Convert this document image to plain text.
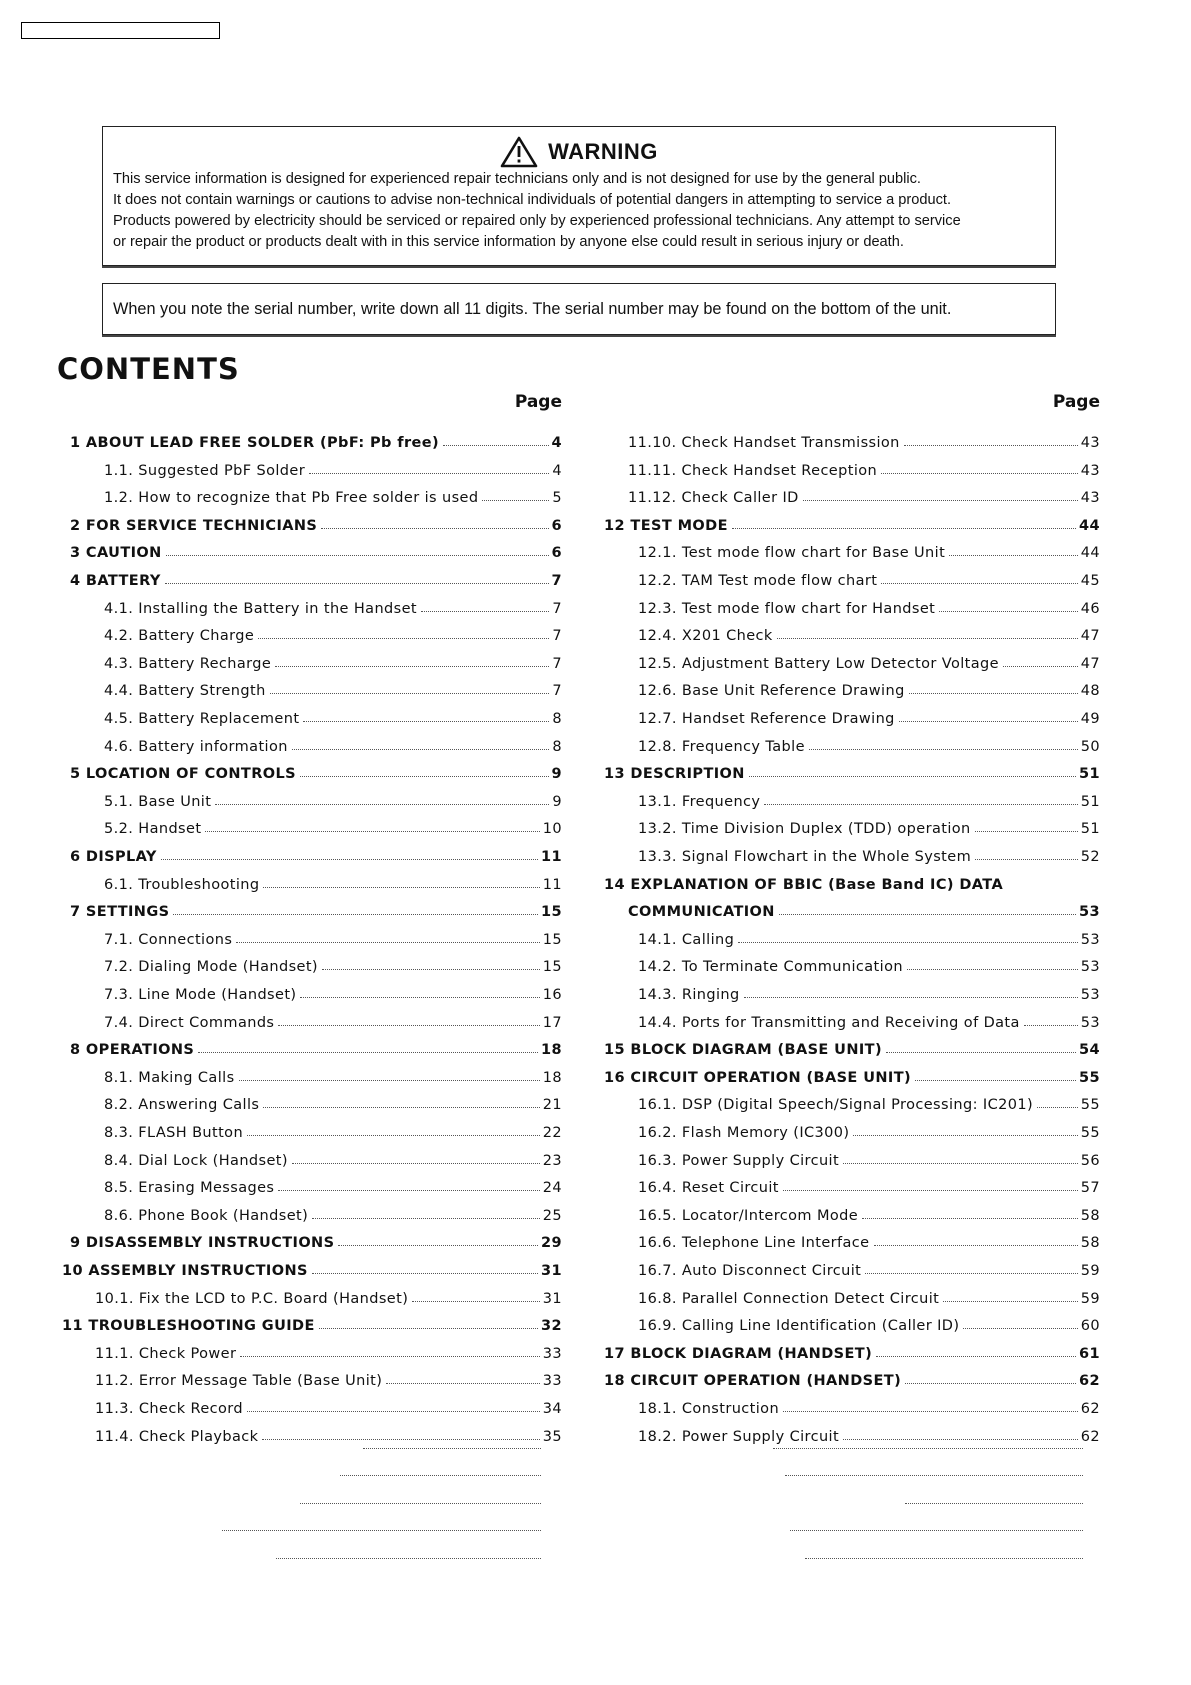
WARNING
This service information is designed for experienced repair technicians only and is not designed for use by the general public.
It does not contain warnings or cautions to advise non-technical individuals of potential dangers in attempting to service a product.
Products powered by electricity should be serviced or repaired only by experienced professional technicians. Any attempt to service
or repair the product or products dealt with in this service information by anyone else could result in serious injury or death.
When you note the serial number, write down all 11 digits. The serial number may be found on the bottom of the unit.
CONTENTS
Page
1 ABOUT LEAD FREE SOLDER (PbF: Pb free)	4
1.1. Suggested PbF Solder	4
1.2. How to recognize that Pb Free solder is used	5
2 FOR SERVICE TECHNICIANS	6
3 CAUTION	6
4 BATTERY	7
4.1. Installing the Battery in the Handset	7
4.2. Battery Charge	7
4.3. Battery Recharge	7
4.4. Battery Strength	7
4.5. Battery Replacement	8
4.6. Battery information	8
5 LOCATION OF CONTROLS	9
5.1. Base Unit	9
5.2. Handset	10
6 DISPLAY	11
6.1. Troubleshooting	11
7 SETTINGS	15
7.1. Connections	15
7.2. Dialing Mode (Handset)	15
7.3. Line Mode (Handset)	16
7.4. Direct Commands	17
8 OPERATIONS	18
8.1. Making Calls	18
8.2. Answering Calls	21
8.3. FLASH Button	22
8.4. Dial Lock (Handset)	23
8.5. Erasing Messages	24
8.6. Phone Book (Handset)	25
9 DISASSEMBLY INSTRUCTIONS	29
10 ASSEMBLY INSTRUCTIONS	31
10.1. Fix the LCD to P.C. Board (Handset)	31
11 TROUBLESHOOTING GUIDE	32
11.1. Check Power	33
11.2. Error Message Table (Base Unit)	33
11.3. Check Record	34
11.4. Check Playback	35
Page
11.10. Check Handset Transmission	43
11.11. Check Handset Reception	43
11.12. Check Caller ID	43
12 TEST MODE	44
12.1. Test mode flow chart for Base Unit	44
12.2. TAM Test mode flow chart	45
12.3. Test mode flow chart for Handset	46
12.4. X201 Check	47
12.5. Adjustment Battery Low Detector Voltage	47
12.6. Base Unit Reference Drawing	48
12.7. Handset Reference Drawing	49
12.8. Frequency Table	50
13 DESCRIPTION	51
13.1. Frequency	51
13.2. Time Division Duplex (TDD) operation	51
13.3. Signal Flowchart in the Whole System	52
14 EXPLANATION OF BBIC (Base Band IC) DATA
COMMUNICATION	53
14.1. Calling	53
14.2. To Terminate Communication	53
14.3. Ringing	53
14.4. Ports for Transmitting and Receiving of Data	53
15 BLOCK DIAGRAM (BASE UNIT)	54
16 CIRCUIT OPERATION (BASE UNIT)	55
16.1. DSP (Digital Speech/Signal Processing: IC201)	55
16.2. Flash Memory (IC300)	55
16.3. Power Supply Circuit	56
16.4. Reset Circuit	57
16.5. Locator/Intercom Mode	58
16.6. Telephone Line Interface	58
16.7. Auto Disconnect Circuit	59
16.8. Parallel Connection Detect Circuit	59
16.9. Calling Line Identification (Caller ID)	60
17 BLOCK DIAGRAM (HANDSET)	61
18 CIRCUIT OPERATION (HANDSET)	62
18.1. Construction	62
18.2. Power Supply Circuit	62
